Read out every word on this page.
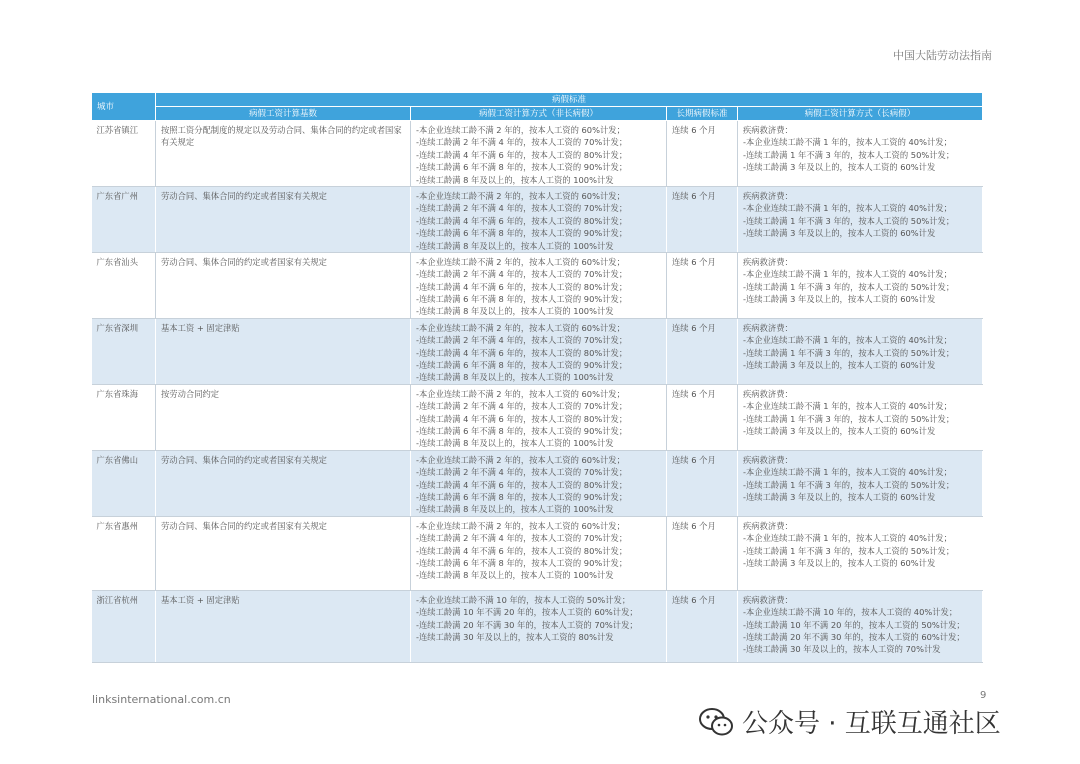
中国大陆劳动法指南
城市	病假标准			
	病假工资计算基数	病假工资计算方式（非长病假）	长期病假标准	病假工资计算方式（长病假）
江苏省镇江	按照工资分配制度的规定以及劳动合同、集体合同的约定或者国家有关规定	-本企业连续工龄不满 2 年的，按本人工资的 60%计发；
-连续工龄满 2 年不满 4 年的，按本人工资的 70%计发；
-连续工龄满 4 年不满 6 年的，按本人工资的 80%计发；
-连续工龄满 6 年不满 8 年的，按本人工资的 90%计发；
-连续工龄满 8 年及以上的，按本人工资的 100%计发	连续 6 个月	疾病救济费：
-本企业连续工龄不满 1 年的，按本人工资的 40%计发；
-连续工龄满 1 年不满 3 年的，按本人工资的 50%计发；
-连续工龄满 3 年及以上的，按本人工资的 60%计发

广东省广州	劳动合同、集体合同的约定或者国家有关规定	-本企业连续工龄不满 2 年的，按本人工资的 60%计发；
-连续工龄满 2 年不满 4 年的，按本人工资的 70%计发；
-连续工龄满 4 年不满 6 年的，按本人工资的 80%计发；
-连续工龄满 6 年不满 8 年的，按本人工资的 90%计发；
-连续工龄满 8 年及以上的，按本人工资的 100%计发	连续 6 个月	疾病救济费：
-本企业连续工龄不满 1 年的，按本人工资的 40%计发；
-连续工龄满 1 年不满 3 年的，按本人工资的 50%计发；
-连续工龄满 3 年及以上的，按本人工资的 60%计发

广东省汕头	劳动合同、集体合同的约定或者国家有关规定	-本企业连续工龄不满 2 年的，按本人工资的 60%计发；
-连续工龄满 2 年不满 4 年的，按本人工资的 70%计发；
-连续工龄满 4 年不满 6 年的，按本人工资的 80%计发；
-连续工龄满 6 年不满 8 年的，按本人工资的 90%计发；
-连续工龄满 8 年及以上的，按本人工资的 100%计发	连续 6 个月	疾病救济费：
-本企业连续工龄不满 1 年的，按本人工资的 40%计发；
-连续工龄满 1 年不满 3 年的，按本人工资的 50%计发；
-连续工龄满 3 年及以上的，按本人工资的 60%计发

广东省深圳	基本工资 + 固定津贴	-本企业连续工龄不满 2 年的，按本人工资的 60%计发；
-连续工龄满 2 年不满 4 年的，按本人工资的 70%计发；
-连续工龄满 4 年不满 6 年的，按本人工资的 80%计发；
-连续工龄满 6 年不满 8 年的，按本人工资的 90%计发；
-连续工龄满 8 年及以上的，按本人工资的 100%计发	连续 6 个月	疾病救济费：
-本企业连续工龄不满 1 年的，按本人工资的 40%计发；
-连续工龄满 1 年不满 3 年的，按本人工资的 50%计发；
-连续工龄满 3 年及以上的，按本人工资的 60%计发

广东省珠海	按劳动合同约定	-本企业连续工龄不满 2 年的，按本人工资的 60%计发；
-连续工龄满 2 年不满 4 年的，按本人工资的 70%计发；
-连续工龄满 4 年不满 6 年的，按本人工资的 80%计发；
-连续工龄满 6 年不满 8 年的，按本人工资的 90%计发；
-连续工龄满 8 年及以上的，按本人工资的 100%计发	连续 6 个月	疾病救济费：
-本企业连续工龄不满 1 年的，按本人工资的 40%计发；
-连续工龄满 1 年不满 3 年的，按本人工资的 50%计发；
-连续工龄满 3 年及以上的，按本人工资的 60%计发

广东省佛山	劳动合同、集体合同的约定或者国家有关规定	-本企业连续工龄不满 2 年的，按本人工资的 60%计发；
-连续工龄满 2 年不满 4 年的，按本人工资的 70%计发；
-连续工龄满 4 年不满 6 年的，按本人工资的 80%计发；
-连续工龄满 6 年不满 8 年的，按本人工资的 90%计发；
-连续工龄满 8 年及以上的，按本人工资的 100%计发	连续 6 个月	疾病救济费：
-本企业连续工龄不满 1 年的，按本人工资的 40%计发；
-连续工龄满 1 年不满 3 年的，按本人工资的 50%计发；
-连续工龄满 3 年及以上的，按本人工资的 60%计发

广东省惠州	劳动合同、集体合同的约定或者国家有关规定	-本企业连续工龄不满 2 年的，按本人工资的 60%计发；
-连续工龄满 2 年不满 4 年的，按本人工资的 70%计发；
-连续工龄满 4 年不满 6 年的，按本人工资的 80%计发；
-连续工龄满 6 年不满 8 年的，按本人工资的 90%计发；
-连续工龄满 8 年及以上的，按本人工资的 100%计发	连续 6 个月	疾病救济费：
-本企业连续工龄不满 1 年的，按本人工资的 40%计发；
-连续工龄满 1 年不满 3 年的，按本人工资的 50%计发；
-连续工龄满 3 年及以上的，按本人工资的 60%计发

浙江省杭州	基本工资 + 固定津贴	-本企业连续工龄不满 10 年的，按本人工资的 50%计发；
-连续工龄满 10 年不满 20 年的，按本人工资的 60%计发；
-连续工龄满 20 年不满 30 年的，按本人工资的 70%计发；
-连续工龄满 30 年及以上的，按本人工资的 80%计发	连续 6 个月	疾病救济费：
-本企业连续工龄不满 10 年的，按本人工资的 40%计发；
-连续工龄满 10 年不满 20 年的，按本人工资的 50%计发；
-连续工龄满 20 年不满 30 年的，按本人工资的 60%计发；
-连续工龄满 30 年及以上的，按本人工资的 70%计发
linksinternational.com.cn	9
公众号 · 互联互通社区
